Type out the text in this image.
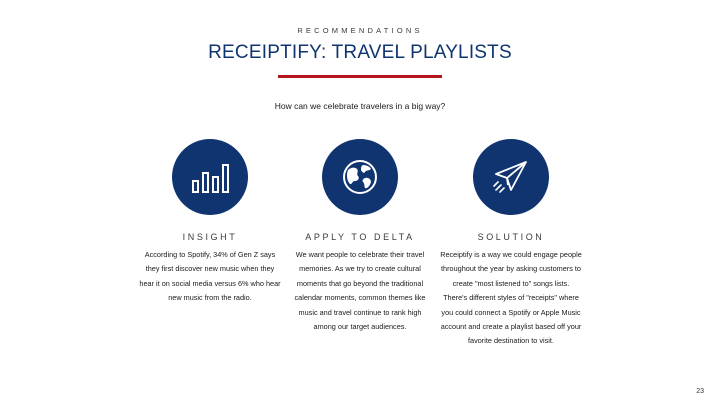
RECOMMENDATIONS
RECEIPTIFY: TRAVEL PLAYLISTS
How can we celebrate travelers in a big way?
INSIGHT
According to Spotify, 34% of Gen Z says they first discover new music when they hear it on social media versus 6% who hear new music from the radio.
APPLY TO DELTA
We want people to celebrate their travel memories. As we try to create cultural moments that go beyond the traditional calendar moments, common themes like music and travel continue to rank high among our target audiences.
SOLUTION
Receiptify is a way we could engage people throughout the year by asking customers to create "most listened to" songs lists. There's different styles of "receipts" where you could connect a Spotify or Apple Music account and create a playlist based off your favorite destination to visit.
23
